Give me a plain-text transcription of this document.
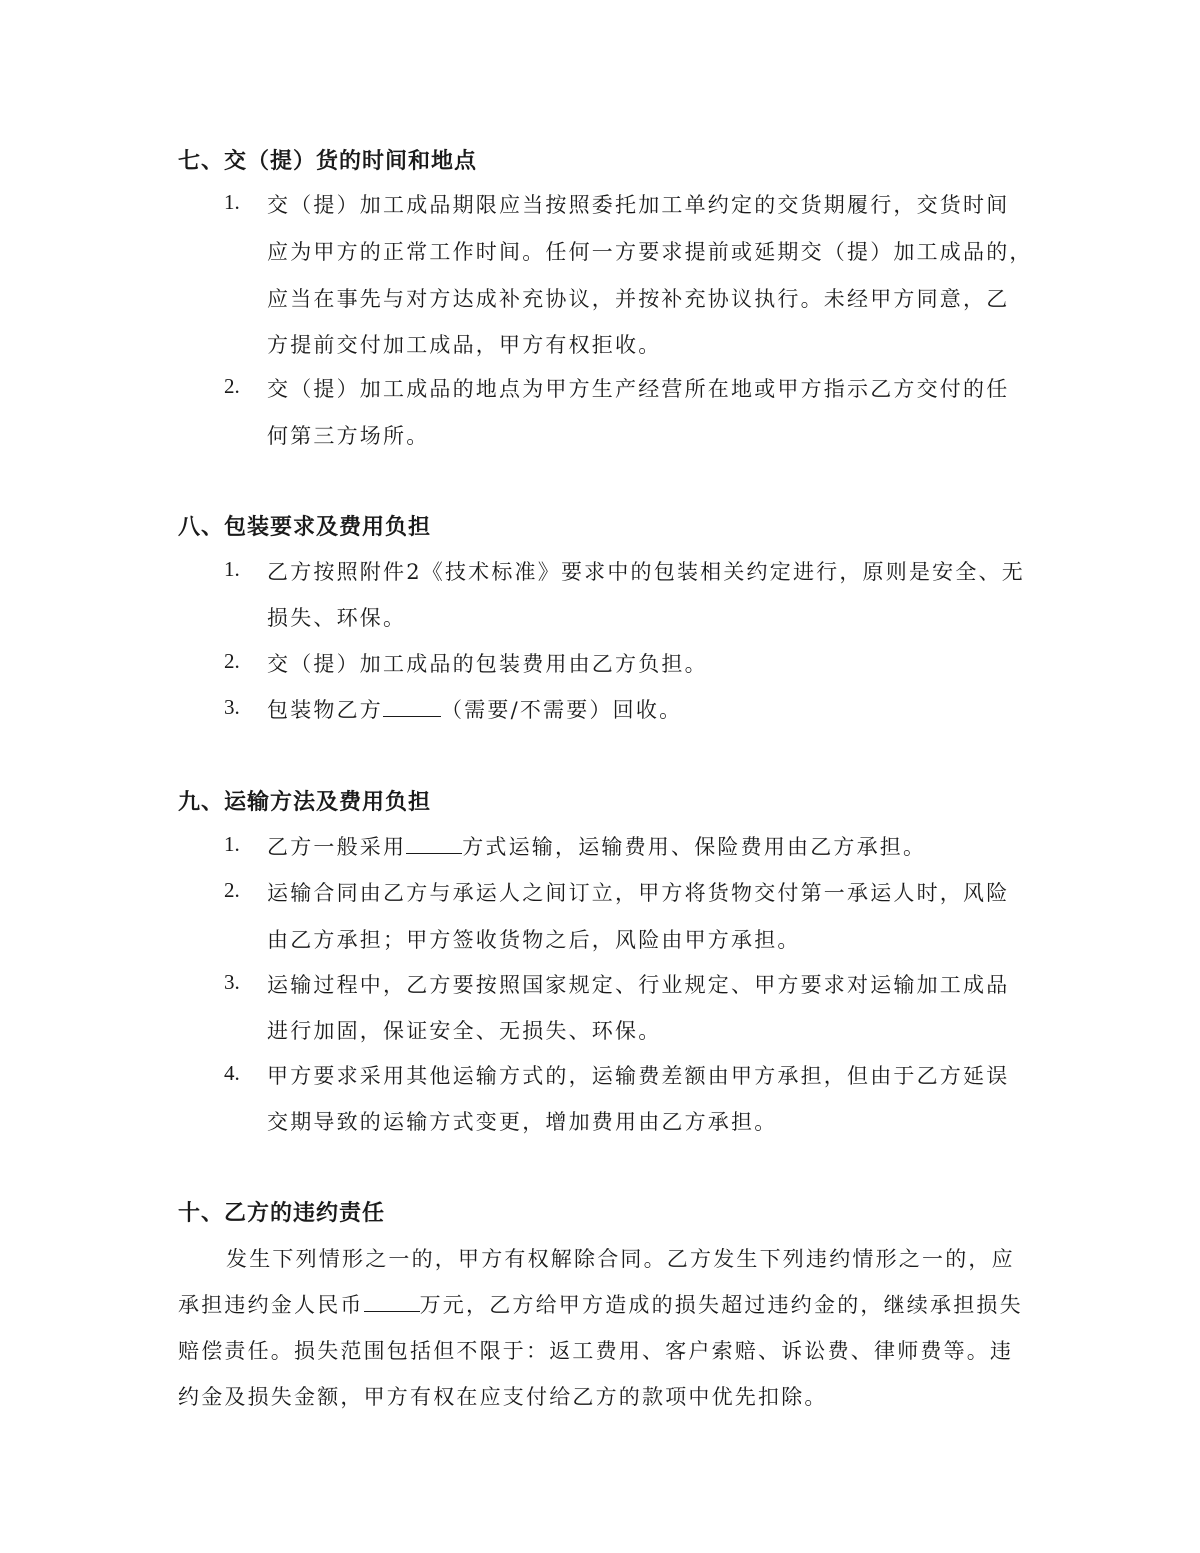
七、交（提）货的时间和地点
1. 交（提）加工成品期限应当按照委托加工单约定的交货期履行，交货时间
应为甲方的正常工作时间。任何一方要求提前或延期交（提）加工成品的，
应当在事先与对方达成补充协议，并按补充协议执行。未经甲方同意，乙
方提前交付加工成品，甲方有权拒收。
2. 交（提）加工成品的地点为甲方生产经营所在地或甲方指示乙方交付的任
何第三方场所。
八、包装要求及费用负担
1. 乙方按照附件2《技术标准》要求中的包装相关约定进行，原则是安全、无
损失、环保。
2. 交（提）加工成品的包装费用由乙方负担。
3. 包装物乙方	（需要/不需要）回收。
九、运输方法及费用负担
1. 乙方一般采用	方式运输，运输费用、保险费用由乙方承担。
2. 运输合同由乙方与承运人之间订立，甲方将货物交付第一承运人时，风险
由乙方承担；甲方签收货物之后，风险由甲方承担。
3. 运输过程中，乙方要按照国家规定、行业规定、甲方要求对运输加工成品
进行加固，保证安全、无损失、环保。
4. 甲方要求采用其他运输方式的，运输费差额由甲方承担，但由于乙方延误
交期导致的运输方式变更，增加费用由乙方承担。
十、乙方的违约责任
发生下列情形之一的，甲方有权解除合同。乙方发生下列违约情形之一的，应
承担违约金人民币	万元，乙方给甲方造成的损失超过违约金的，继续承担损失
赔偿责任。损失范围包括但不限于：返工费用、客户索赔、诉讼费、律师费等。违
约金及损失金额，甲方有权在应支付给乙方的款项中优先扣除。
